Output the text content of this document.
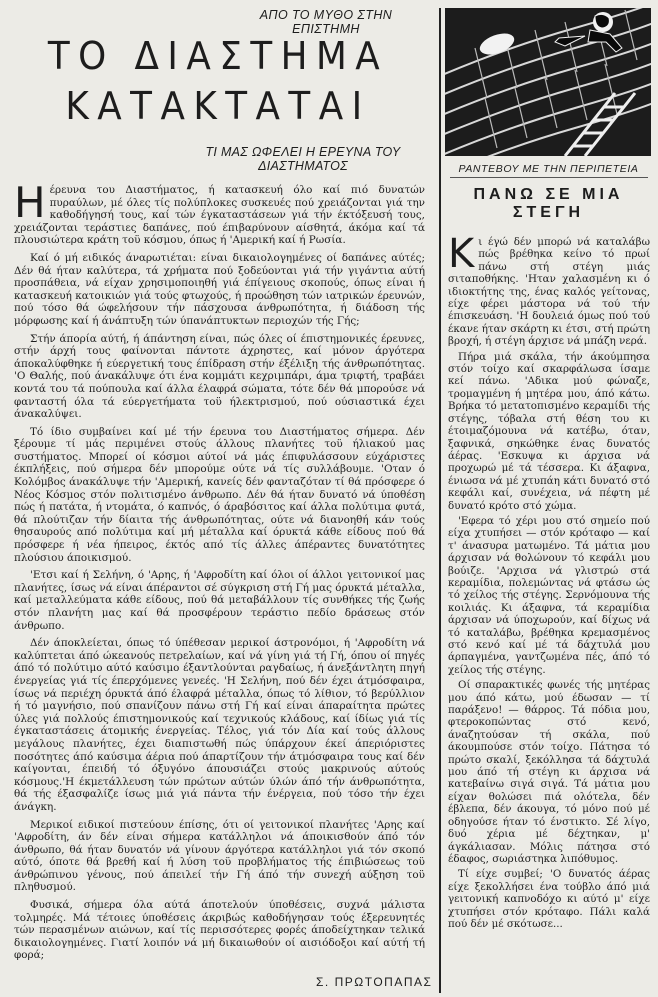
ΑΠΟ ΤΟ ΜΥΘΟ ΣΤΗΝ ΕΠΙΣΤΗΜΗ
ΤΟ ΔΙΑΣΤΗΜΑ
ΚΑΤΑΚΤΑΤΑΙ
ΤΙ ΜΑΣ ΩΦΕΛΕΙ Η ΕΡΕΥΝΑ ΤΟΥ ΔΙΑΣΤΗΜΑΤΟΣ

Ηέρευνα του Διαστήματος, ή κατασκευή όλο καί πιό δυνατών πυραύλων, μέ όλες τίς πολύπλοκες συσκευές πού χρειάζονται γιά την καθοδήγησή τους, καί τών έγκαταστάσεων γιά τήν έκτόξευσή τους, χρειάζονται τεράστιες δαπάνες, πού έπιβαρύνουν αίσθητά, άκόμα καί τά πλουσιώτερα κράτη τοϋ κόσμου, όπως ή 'Αμερική καί ή Ρωσία.

Καί ό μή ειδικός άναρωτιέται: είναι δικαιολογημένες οί δαπάνες αύτές; Δέν θά ήταν καλύτερα, τά χρήματα πού ξοδεύονται γιά τήν γιγάντια αύτή προσπάθεια, νά είχαν χρησιμοποιηθή γιά έπίγειους σκοπούς, όπως είναι ή κατασκευή κατοικιών γιά τούς φτωχούς, ή προώθηση τών ιατρικών έρευνών, πού τόσο θά ώφελήσουν τήν πάσχουσα άνθρωπότητα, ή διάδοση τής μόρφωσης καί ή άνάπτυξη τών ύπανάπτυκτων περιοχών τής Γής;

Στήν άπορία αύτή, ή άπάντηση είναι, πώς όλες οί έπιστημονικές έρευνες, στήν άρχή τους φαίνονται πάντοτε άχρηστες, καί μόνον άργότερα άποκαλύφθηκε ή εύεργετική τους έπίδραση στήν έξέλιξη τής άνθρωπότητας. 'Ο Θαλής, πού άνακάλυψε ότι ένα κομμάτι κεχριμπάρι, άμα τριφτή, τραβάει κοντά του τά πούπουλα καί άλλα έλαφρά σώματα, τότε δέν θά μπορούσε νά φανταστή όλα τά εύεργετήματα τοϋ ήλεκτρισμού, πού ούσιαστικά έχει άνακαλύψει.

Τό ίδιο συμβαίνει καί μέ τήν έρευνα του Διαστήματος σήμερα. Δέν ξέρουμε τί μάς περιμένει στούς άλλους πλανήτες τοϋ ήλιακού μας συστήματος. Μπορεί οί κόσμοι αύτοί νά μάς έπιφυλάσσουν εύχάριστες έκπλήξεις, πού σήμερα δέν μπορούμε ούτε νά τίς συλλάβουμε. 'Οταν ό Κολόμβος άνακάλυψε τήν 'Αμερική, κανείς δέν φανταζόταν τί θά πρόσφερε ό Νέος Κόσμος στόν πολιτισμένο άνθρωπο. Δέν θά ήταν δυνατό νά ύποθέση πώς ή πατάτα, ή ντομάτα, ό καπνός, ό άραβόσιτος καί άλλα πολύτιμα φυτά, θά πλούτιζαν τήν δίαιτα τής άνθρωπότητας, ούτε νά διανοηθή κάν τούς θησαυρούς από πολύτιμα καί μή μέταλλα καί όρυκτά κάθε είδους πού θά πρόσφερε ή νέα ήπειρος, έκτός από τίς άλλες άπέραντες δυνατότητες πλούσιου άποικισμού.

'Ετσι καί ή Σελήνη, ό 'Αρης, ή 'Αφροδίτη καί όλοι οί άλλοι γειτονικοί μας πλανήτες, ίσως νά είναι άπέραντοι σέ σύγκριση στή Γή μας όρυκτά μέταλλα, καί μεταλλεύματα κάθε είδους, πού θά μεταβάλλουν τίς συνθήκες τής ζωής στόν πλανήτη μας καί θά προσφέρουν τεράστιο πεδίο δράσεως στόν άνθρωπο.

Δέν άποκλείεται, όπως τό ύπέθεσαν μερικοί άστρονόμοι, ή 'Αφροδίτη νά καλύπτεται άπό ώκεανούς πετρελαίων, καί νά γίνη γιά τή Γή, όπου οί πηγές άπό τό πολύτιμο αύτό καύσιμο έξαντλούνται ραγδαίως, ή άνεξάντλητη πηγή ένεργείας γιά τίς έπερχόμενες γενεές. 'Η Σελήνη, πού δέν έχει άτμόσφαιρα, ίσως νά περιέχη όρυκτά άπό έλαφρά μέταλλα, όπως τό λίθιον, τό βερύλλιον ή τό μαγνήσιο, πού σπανίζουν πάνω στή Γή καί είναι άπαραίτητα πρώτες ύλες γιά πολλούς έπιστημονικούς καί τεχνικούς κλάδους, καί ίδίως γιά τίς έγκαταστάσεις άτομικής ένεργείας. Τέλος, γιά τόν Δία καί τούς άλλους μεγάλους πλανήτες, έχει διαπιστωθή πώς ύπάρχουν έκεί άπεριόριστες ποσότητες άπό καύσιμα άέρια πού άπαρτίζουν τήν άτμόσφαιρα τους καί δέν καίγονται, έπειδή τό όξυγόνο άπουσιάζει στούς μακρινούς αύτούς κόσμους.'Η έκμετάλλευση τών πρώτων αύτών ύλών άπό τήν άνθρωπότητα, θά τής έξασφαλίζε ίσως μιά γιά πάντα τήν ένέργεια, πού τόσο τήν έχει άνάγκη.

Μερικοί ειδικοί πιστεύουν έπίσης, ότι οί γειτονικοί πλανήτες 'Αρης καί 'Αφροδίτη, άν δέν είναι σήμερα κατάλληλοι νά άποικισθούν άπό τόν άνθρωπο, θά ήταν δυνατόν νά γίνουν άργότερα κατάλληλοι γιά τόν σκοπό αύτό, όποτε θά βρεθή καί ή λύση τοϋ προβλήματος τής έπιβιώσεως τοϋ άνθρώπινου γένους, πού άπειλεί τήν Γή άπό τήν συνεχή αύξηση τοϋ πληθυσμού.

Φυσικά, σήμερα όλα αύτά άποτελούν ύποθέσεις, συχνά μάλιστα τολμηρές. Μά τέτοιες ύποθέσεις άκριβώς καθοδήγησαν τούς έξερευνητές τών περασμένων αιώνων, καί τίς περισσότερες φορές άποδείχτηκαν τελικά δικαιολογημένες. Γιατί λοιπόν νά μή δικαιωθούν οί αισιόδοξοι καί αύτή τή φορά;

Σ. ΠΡΩΤΟΠΑΠΑΣ
ΡΑΝΤΕΒΟΥ ΜΕ ΤΗΝ ΠΕΡΙΠΕΤΕΙΑ
ΠΑΝΩ ΣΕ ΜΙΑ ΣΤΕΓΗ

Κι έγώ δέν μπορώ νά καταλάβω πώς βρέθηκα κείνο τό πρωί πάνω στή στέγη μιάς σιταποθήκης. 'Ηταν χαλασμένη κι ό ιδιοκτήτης της, ένας καλός γείτονας, είχε φέρει μάστορα νά τού τήν έπισκευάση. 'Η δουλειά όμως πού τού έκανε ήταν σκάρτη κι έτσι, στή πρώτη βροχή, ή στέγη άρχισε νά μπάζη νερά.

Πήρα μιά σκάλα, τήν άκούμπησα στόν τοίχο καί σκαρφάλωσα ίσαμε κεί πάνω. 'Αδικα μού φώναζε, τρομαγμένη ή μητέρα μου, άπό κάτω. Βρήκα τό μετατοπισμένο κεραμίδι τής στέγης, τόβαλα στή θέση του κι έτοιμαζόμουνα νά κατέβω, όταν, ξαφνικά, σηκώθηκε ένας δυνατός άέρας. 'Εσκυψα κι άρχισα νά προχωρώ μέ τά τέσσερα. Κι άξαφνα, ένιωσα νά μέ χτυπάη κάτι δυνατό στό κεφάλι καί, συνέχεια, νά πέφτη μέ δυνατό κρότο στό χώμα.

'Εφερα τό χέρι μου στό σημείο πού είχα χτυπήσει — στόν κρόταφο — καί τ' άνασυρα ματωμένο. Τά μάτια μου άρχισαν νά θολώνουν τό κεφάλι μου βούιζε. 'Αρχισα νά γλιστρώ στά κεραμίδια, πολεμώντας νά φτάσω ώς τό χείλος τής στέγης. Σερνόμουνα τής κοιλιάς. Κι άξαφνα, τά κεραμίδια άρχισαν νά ύποχωρούν, καί δίχως νά τό καταλάβω, βρέθηκα κρεμασμένος στό κενό καί μέ τά δάχτυλά μου άρπαγμένα, γαντζωμένα πές, άπό τό χείλος τής στέγης.

Οί σπαρακτικές φωνές τής μητέρας μου άπό κάτω, μού έδωσαν — τί παράξενο! — θάρρος. Τά πόδια μου, φτεροκοπώντας στό κενό, άναζητούσαν τή σκάλα, πού άκουμπούσε στόν τοίχο. Πάτησα τό πρώτο σκαλί, ξεκόλλησα τά δάχτυλά μου άπό τή στέγη κι άρχισα νά κατεβαίνω σιγά σιγά. Τά μάτια μου είχαν θολώσει πιά ολότελα, δέν έβλεπα, δέν άκουγα, τό μόνο πού μέ οδηγούσε ήταν τό ένστικτο. Σέ λίγο, δυό χέρια μέ δέχτηκαν, μ' άγκάλιασαν. Μόλις πάτησα στό έδαφος, σωριάστηκα λιπόθυμος.

Τί είχε συμβεί; 'Ο δυνατός άέρας είχε ξεκολλήσει ένα τούβλο άπό μιά γειτονική καπνοδόχο κι αύτό μ' είχε χτυπήσει στόν κρόταφο. Πάλι καλά πού δέν μέ σκότωσε...
